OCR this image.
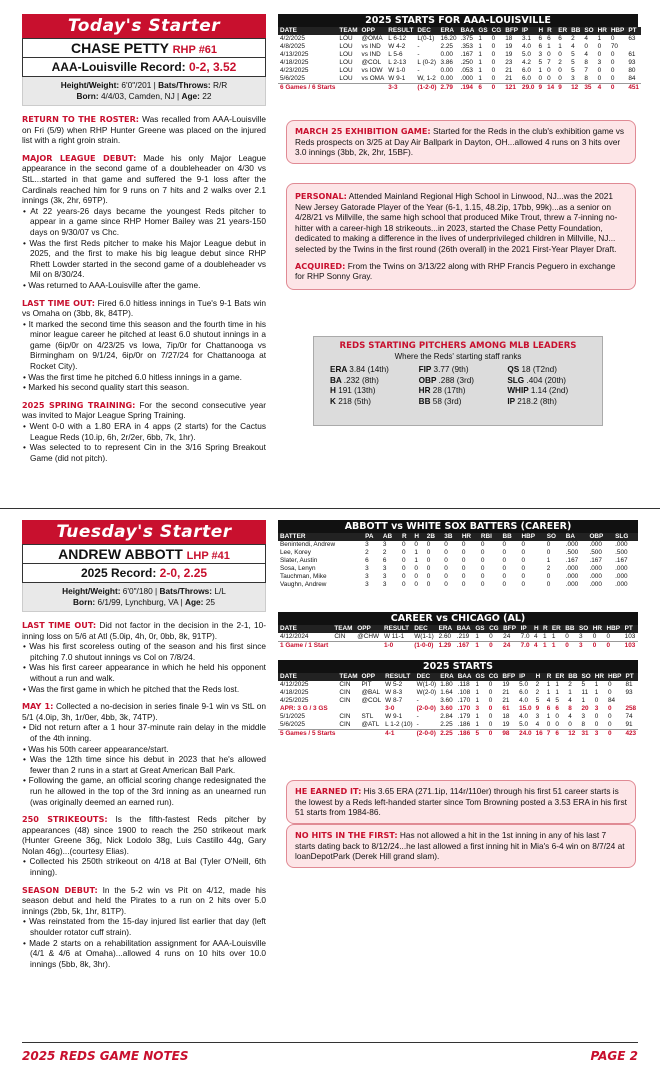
Today's Starter
CHASE PETTY RHP #61
AAA-Louisville Record: 0-2, 3.52
Height/Weight: 6'0"/201 | Bats/Throws: R/R
Born: 4/4/03, Camden, NJ | Age: 22
RETURN TO THE ROSTER: Was recalled from AAA-Louisville on Fri (5/9) when RHP Hunter Greene was placed on the injured list with a right groin strain.
MAJOR LEAGUE DEBUT: Made his only Major League appearance in the second game of a doubleheader on 4/30 vs StL...started in that game and suffered the 9-1 loss after the Cardinals reached him for 9 runs on 7 hits and 2 walks over 2.1 innings (3k, 2hr, 69TP).
• At 22 years-26 days became the youngest Reds pitcher to appear in a game since RHP Homer Bailey was 21 years-150 days on 9/30/07 vs Chc.
• Was the first Reds pitcher to make his Major League debut in 2025, and the first to make his big league debut since RHP Rhett Lowder started in the second game of a doubleheader vs Mil on 8/30/24.
• Was returned to AAA-Louisville after the game.
LAST TIME OUT: Fired 6.0 hitless innings in Tue's 9-1 Bats win vs Omaha on (3bb, 8k, 84TP).
• It marked the second time this season and the fourth time in his minor league career he pitched at least 6.0 shutout innings in a game (6ip/0r on 4/23/25 vs Iowa, 7ip/0r for Chattanooga vs Birmingham on 9/1/24, 6ip/0r on 7/27/24 for Chattanooga at Rocket City).
• Was the first time he pitched 6.0 hitless innings in a game.
• Marked his second quality start this season.
2025 SPRING TRAINING: For the second consecutive year was invited to Major League Spring Training.
• Went 0-0 with a 1.80 ERA in 4 apps (2 starts) for the Cactus League Reds (10.ip, 6h, 2r/2er, 6bb, 7k, 1hr).
• Was selected to to represent Cin in the 3/16 Spring Breakout Game (did not pitch).
2025 STARTS FOR AAA-LOUISVILLE
DATE	TEAM	OPP	RESULT	DEC	ERA	BAA	GS	CG	BFP	IP	H	R	ER	BB	SO	HR	HBP	PT
4/2/2025	LOU	@OMA	L 6-12	L(0-1)	16.20	.375	1	0	18	3.1	6	6	6	2	4	1	0	63
4/8/2025	LOU	vs IND	W 4-2	-	2.25	.353	1	0	19	4.0	6	1	1	4	0	0	70	
4/13/2025	LOU	vs IND	L 5-6	-	0.00	.167	1	0	19	5.0	3	0	0	5	4	0	0	61
4/18/2025	LOU	@COL	L 2-13	L (0-2)	3.86	.250	1	0	23	4.2	5	7	2	5	8	3	0	93
4/23/2025	LOU	vs IOW	W 1-0	-	0.00	.053	1	0	21	6.0	1	0	0	5	7	0	0	80
5/6/2025	LOU	vs OMA	W 9-1	W, 1-2	0.00	.000	1	0	21	6.0	0	0	0	3	8	0	0	84
6 Games / 6 Starts			3-3	(1-2-0)	2.79	.194	6	0	121	29.0	9	14	9	12	35	4	0	451
MARCH 25 EXHIBITION GAME: Started for the Reds in the club's exhibition game vs Reds prospects on 3/25 at Day Air Ballpark in Dayton, OH...allowed 4 runs on 3 hits over 3.0 innings (3bb, 2k, 2hr, 15BF).
PERSONAL: Attended Mainland Regional High School in Linwood, NJ...was the 2021 New Jersey Gatorade Player of the Year (6-1, 1.15, 48.2ip, 17bb, 99k)...as a senior on 4/28/21 vs Millville, the same high school that produced Mike Trout, threw a 7-inning no-hitter with a career-high 18 strikeouts...in 2023, started the Chase Petty Foundation, dedicated to making a difference in the lives of underprivileged children in Millville, NJ... selected by the Twins in the first round (26th overall) in the 2021 First-Year Player Draft.
ACQUIRED: From the Twins on 3/13/22 along with RHP Francis Peguero in exchange for RHP Sonny Gray.
REDS STARTING PITCHERS AMONG MLB LEADERS
Where the Reds' starting staff ranks
ERA 3.84 (14th)	FIP 3.77 (9th)	QS 18 (T2nd)
BA .232 (8th)	OBP .288 (3rd)	SLG .404 (20th)
H 191 (13th)	HR 28 (17th)	WHIP 1.14 (2nd)
K 218 (5th)	BB 58 (3rd)	IP 218.2 (8th)
Tuesday's Starter
ANDREW ABBOTT LHP #41
2025 Record: 2-0, 2.25
Height/Weight: 6'0"/180 | Bats/Throws: L/L
Born: 6/1/99, Lynchburg, VA | Age: 25
LAST TIME OUT: Did not factor in the decision in the 2-1, 10-inning loss on 5/6 at Atl (5.0ip, 4h, 0r, 0bb, 8k, 91TP).
• Was his first scoreless outing of the season and his first since pitching 7.0 shutout innings vs Col on 7/8/24.
• Was his first career appearance in which he held his opponent without a run and walk.
• Was the first game in which he pitched that the Reds lost.
MAY 1: Collected a no-decision in series finale 9-1 win vs StL on 5/1 (4.0ip, 3h, 1r/0er, 4bb, 3k, 74TP).
• Did not return after a 1 hour 37-minute rain delay in the middle of the 4th inning.
• Was his 50th career appearance/start.
• Was the 12th time since his debut in 2023 that he's allowed fewer than 2 runs in a start at Great American Ball Park.
• Following the game, an official scoring change redesignated the run he allowed in the top of the 3rd inning as an unearned run (was originally deemed an earned run).
250 STRIKEOUTS: Is the fifth-fastest Reds pitcher by appearances (48) since 1900 to reach the 250 strikeout mark (Hunter Greene 36g, Nick Lodolo 38g, Luis Castillo 44g, Gary Nolan 46g)...(courtesy Elias).
• Collected his 250th strikeout on 4/18 at Bal (Tyler O'Neill, 6th inning).
SEASON DEBUT: In the 5-2 win vs Pit on 4/12, made his season debut and held the Pirates to a run on 2 hits over 5.0 innings (2bb, 5k, 1hr, 81TP).
• Was reinstated from the 15-day injured list earlier that day (left shoulder rotator cuff strain).
• Made 2 starts on a rehabilitation assignment for AAA-Louisville (4/1 & 4/6 at Omaha)...allowed 4 runs on 10 hits over 10.0 innings (5bb, 8k, 3hr).
ABBOTT vs WHITE SOX BATTERS (CAREER)
BATTER	PA	AB	R	H	2B	3B	HR	RBI	BB	HBP	SO	BA	OBP	SLG
Benintendi, Andrew	3	3	0	0	0	0	0	0	0	0	0	.000	.000	.000
Lee, Korey	2	2	0	1	0	0	0	0	0	0	0	.500	.500	.500
Slater, Austin	6	6	0	1	0	0	0	0	0	0	1	.167	.167	.167
Sosa, Lenyn	3	3	0	0	0	0	0	0	0	0	2	.000	.000	.000
Tauchman, Mike	3	3	0	0	0	0	0	0	0	0	0	.000	.000	.000
Vaughn, Andrew	3	3	0	0	0	0	0	0	0	0	0	.000	.000	.000
CAREER vs CHICAGO (AL)
DATE	TEAM	OPP	RESULT	DEC	ERA	BAA	GS	CG	BFP	IP	H	R	ER	BB	SO	HR	HBP	PT
4/12/2024	CIN	@CHW	W 11-1	W(1-1)	2.60	.219	1	0	24	7.0	4	1	1	0	3	0	0	103
1 Game / 1 Start			1-0	(1-0-0)	1.29	.167	1	0	24	7.0	4	1	1	0	3	0	0	103
2025 STARTS
DATE	TEAM	OPP	RESULT	DEC	ERA	BAA	GS	CG	BFP	IP	H	R	ER	BB	SO	HR	HBP	PT
4/12/2025	CIN	PIT	W 5-2	W(1-0)	1.80	.118	1	0	19	5.0	2	1	1	2	5	1	0	81
4/18/2025	CIN	@BAL	W 8-3	W(2-0)	1.64	.108	1	0	21	6.0	2	1	1	1	11	1	0	93
4/25/2025	CIN	@COL	W 8-7	-	3.60	.170	1	0	21	4.0	5	4	5	4	1	0	84	
APR: 3 G / 3 GS			3-0	(2-0-0)	3.60	.170	3	0	61	15.0	9	6	6	8	20	3	0	258
5/1/2025	CIN	STL	W 9-1	-	2.84	.179	1	0	18	4.0	3	1	0	4	3	0	0	74
5/6/2025	CIN	@ATL	L 1-2 (10)	-	2.25	.186	1	0	19	5.0	4	0	0	0	8	0	0	91
5 Games / 5 Starts			4-1	(2-0-0)	2.25	.186	5	0	98	24.0	16	7	6	12	31	3	0	423
HE EARNED IT: His 3.65 ERA (271.1ip, 114r/110er) through his first 51 career starts is the lowest by a Reds left-handed starter since Tom Browning posted a 3.53 ERA in his first 51 starts from 1984-86.
NO HITS IN THE FIRST: Has not allowed a hit in the 1st inning in any of his last 7 starts dating back to 8/12/24...he last allowed a first inning hit in Mia's 6-4 win on 8/7/24 at loanDepotPark (Derek Hill grand slam).
2025 REDS GAME NOTES	PAGE 2
